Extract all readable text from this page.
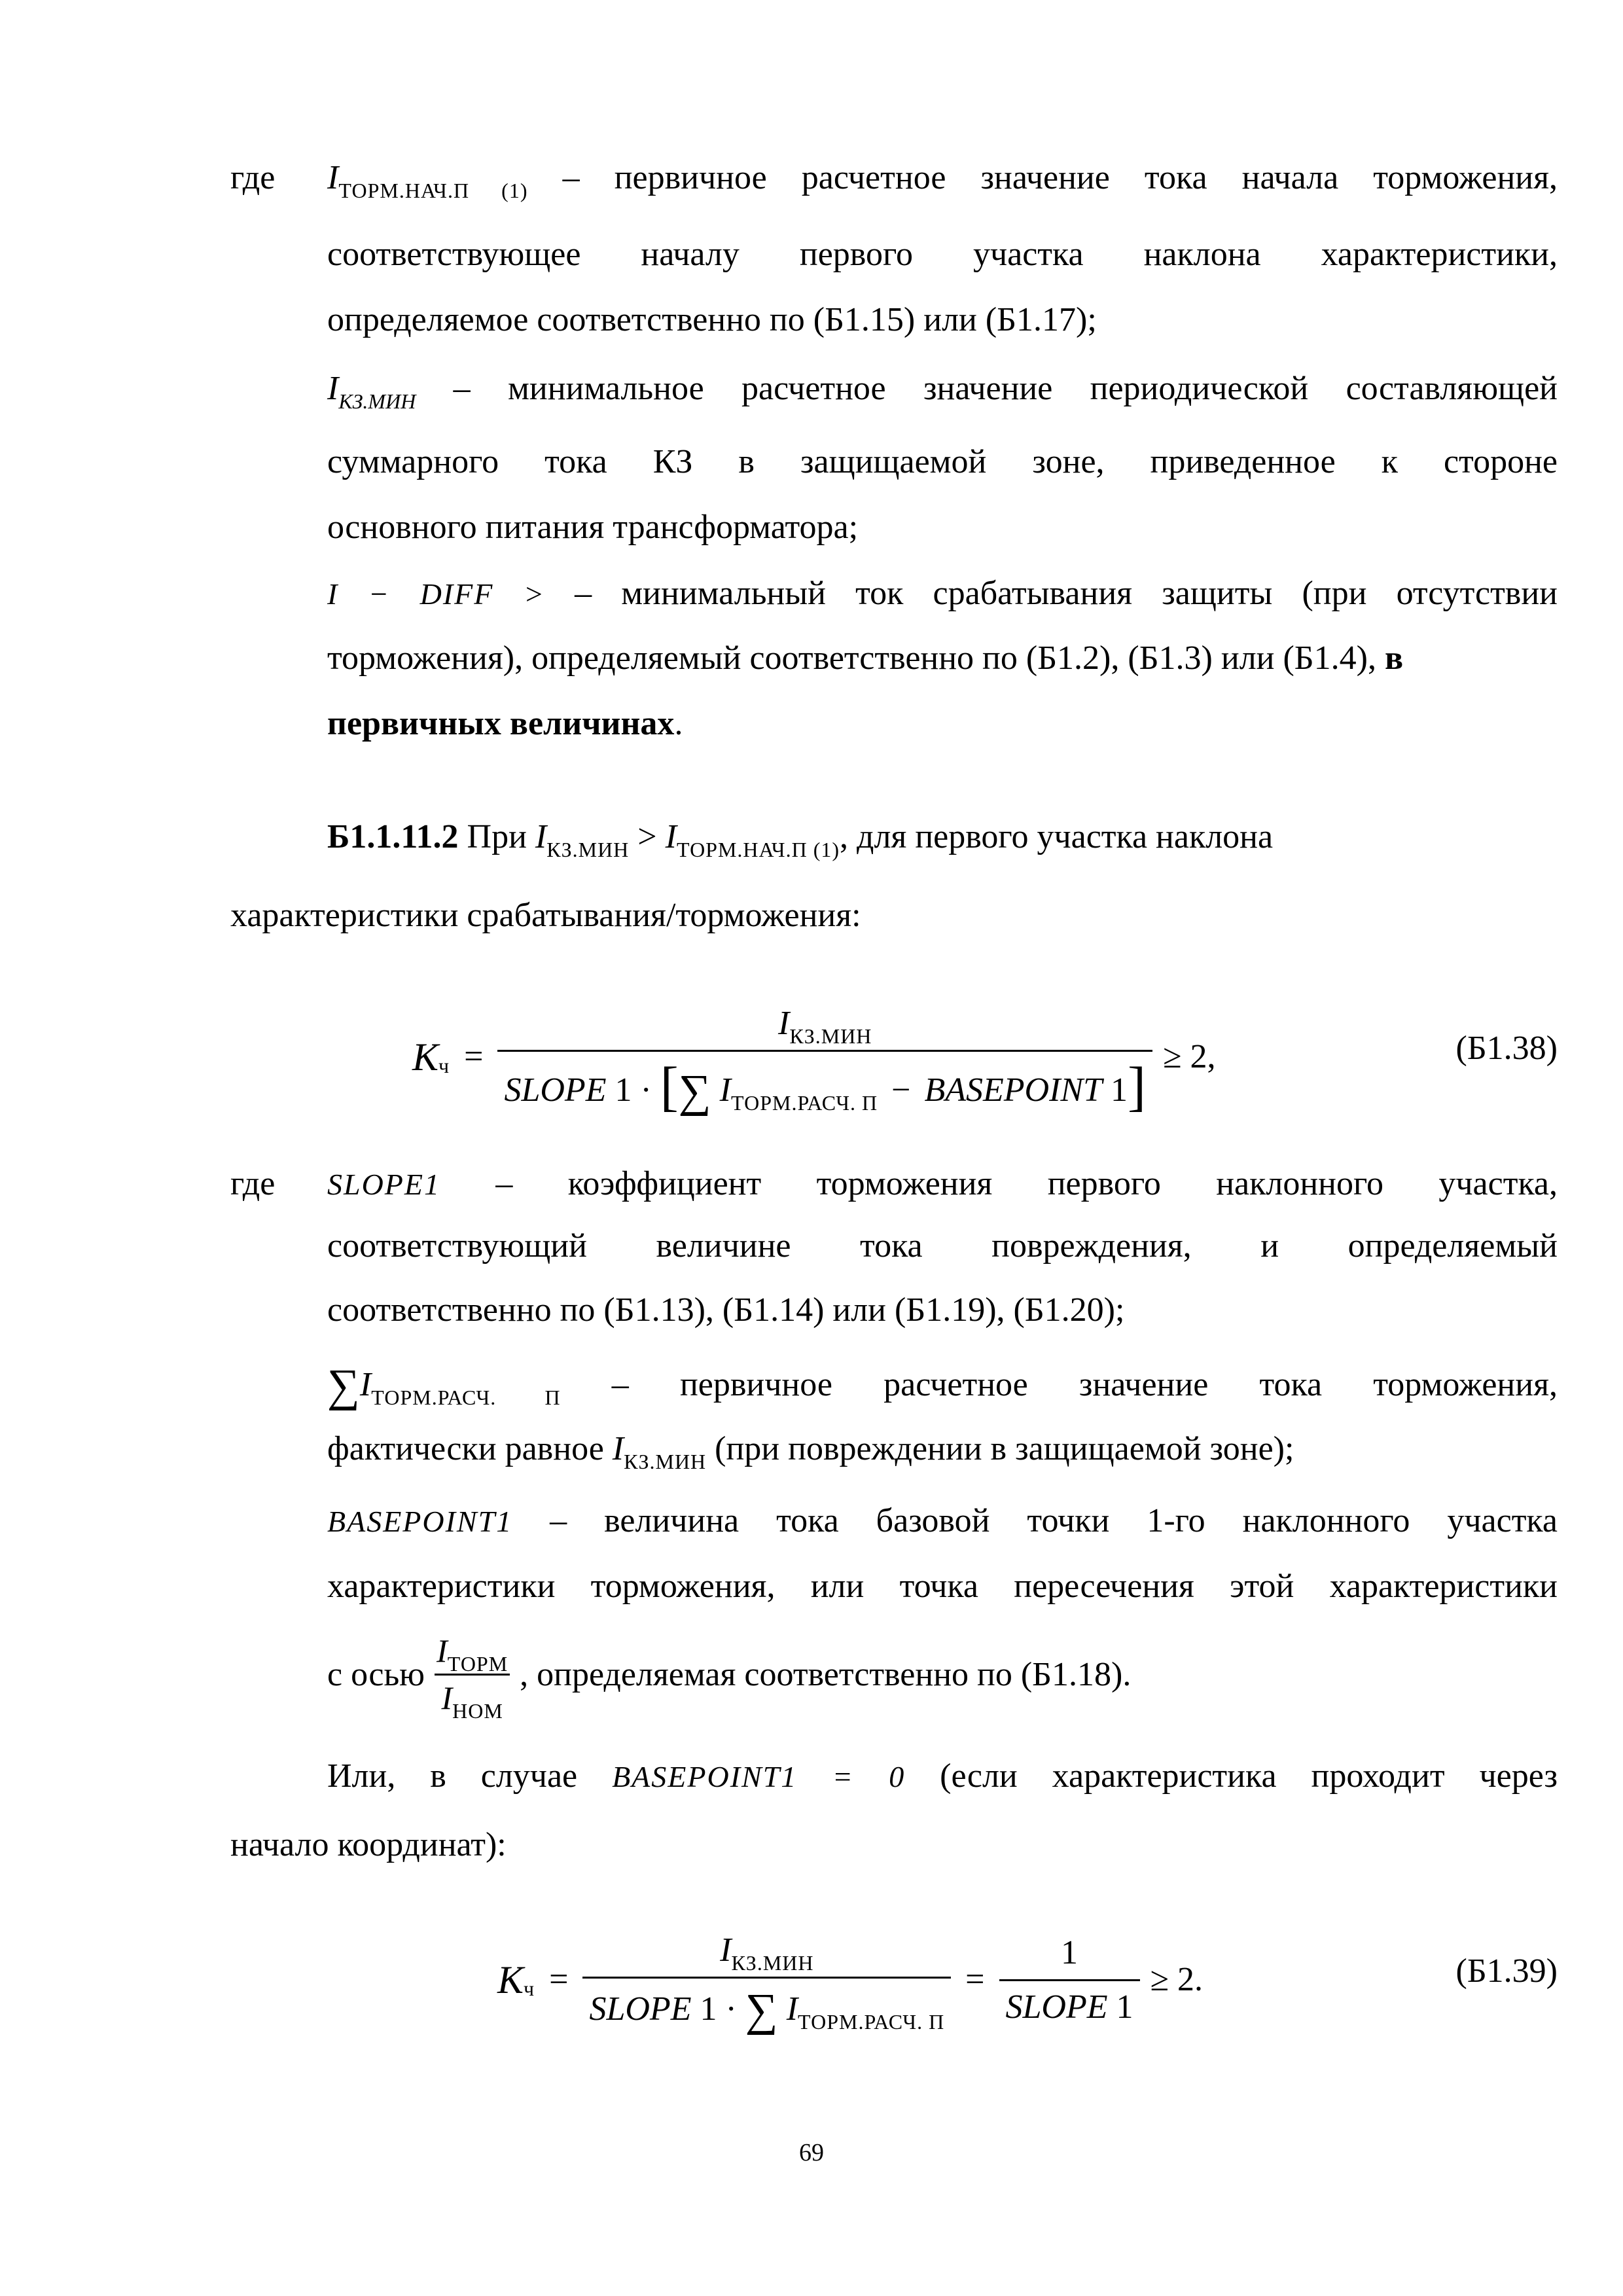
где $I_{ТОРМ.НАЧ.П (1)}$ – первичное расчетное значение тока начала торможения,
соответствующее началу первого участка наклона характеристики,
определяемое соответственно по (Б1.15) или (Б1.17);
$I_{КЗ.МИН}$ – минимальное расчетное значение периодической составляющей
суммарного тока КЗ в защищаемой зоне, приведенное к стороне
основного питания трансформатора;
I − DIFF > – минимальный ток срабатывания защиты (при отсутствии
торможения), определяемый соответственно по (Б1.2), (Б1.3) или (Б1.4), в
первичных величинах.
Б1.1.11.2 При $I_{КЗ.МИН} > I_{ТОРМ.НАЧ.П (1)}$, для первого участка наклона
характеристики срабатывания/торможения:
K ч =
$I_{КЗ.МИН}$
SLOPE 1 · [∑ $I_{ТОРМ.РАСЧ. П}$ − BASEPOINT 1] ≥ 2,	(Б1.38)
где SLOPE1 – коэффициент торможения первого наклонного участка,
соответствующий величине тока повреждения, и определяемый
соответственно по (Б1.13), (Б1.14) или (Б1.19), (Б1.20);
$\sum I_{ТОРМ.РАСЧ. П}$ – первичное расчетное значение тока торможения,
фактически равное $I_{КЗ.МИН}$ (при повреждении в защищаемой зоне);
BASEPOINT1 – величина тока базовой точки 1-го наклонного участка
характеристики торможения, или точка пересечения этой характеристики
с осью $\frac{I_{ТОРМ}}{I_{НОМ}}$ , определяемая соответственно по (Б1.18).
Или, в случае BASEPOINT1 = 0 (если характеристика проходит через
начало координат):
K $ч = \frac{I_{КЗ.МИН}}{SLOPE 1 \cdot \sum I_{ТОРМ.РАСЧ. П}} = \frac{1}{\text{SLOPE 1}} \ge 2$.	(Б1.39)
69
